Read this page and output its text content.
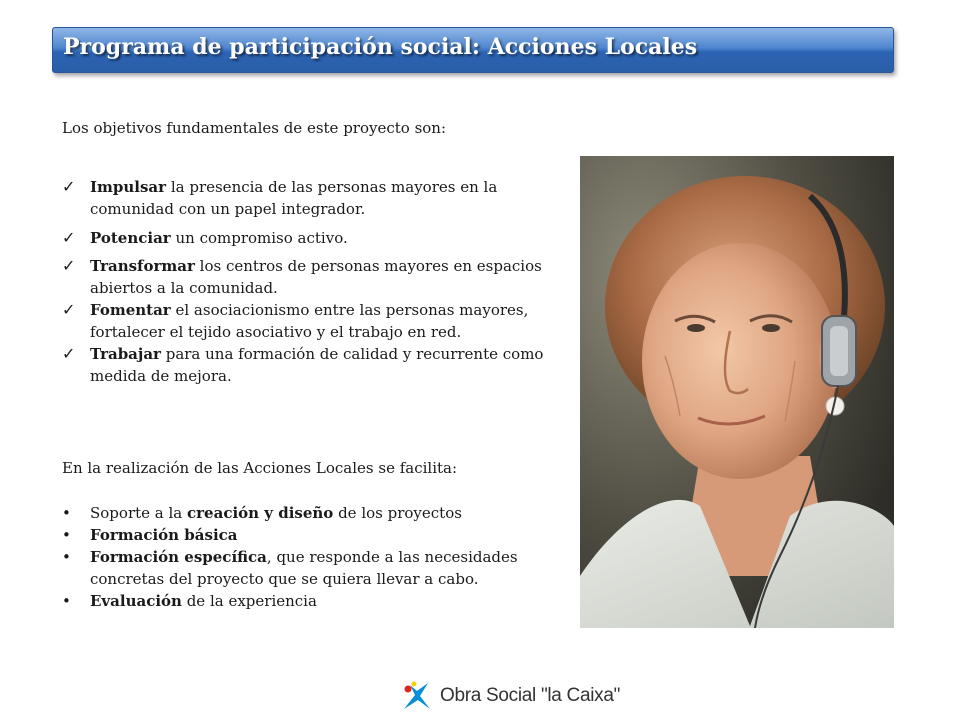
Programa de participación social: Acciones Locales
Los objetivos fundamentales de este proyecto son:
✓ Impulsar la presencia de las personas mayores en la comunidad con un papel integrador.
✓ Potenciar un compromiso activo.
✓ Transformar los centros de personas mayores en espacios abiertos a la comunidad.
✓ Fomentar el asociacionismo entre las personas mayores, fortalecer el tejido asociativo y el trabajo en red.
✓ Trabajar para una formación de calidad y recurrente como medida de mejora.
En la realización de las Acciones Locales se facilita:
• Soporte a la creación y diseño de los proyectos
• Formación básica
• Formación específica, que responde a las necesidades concretas del proyecto que se quiera llevar a cabo.
• Evaluación de la experiencia
Obra Social "la Caixa"
